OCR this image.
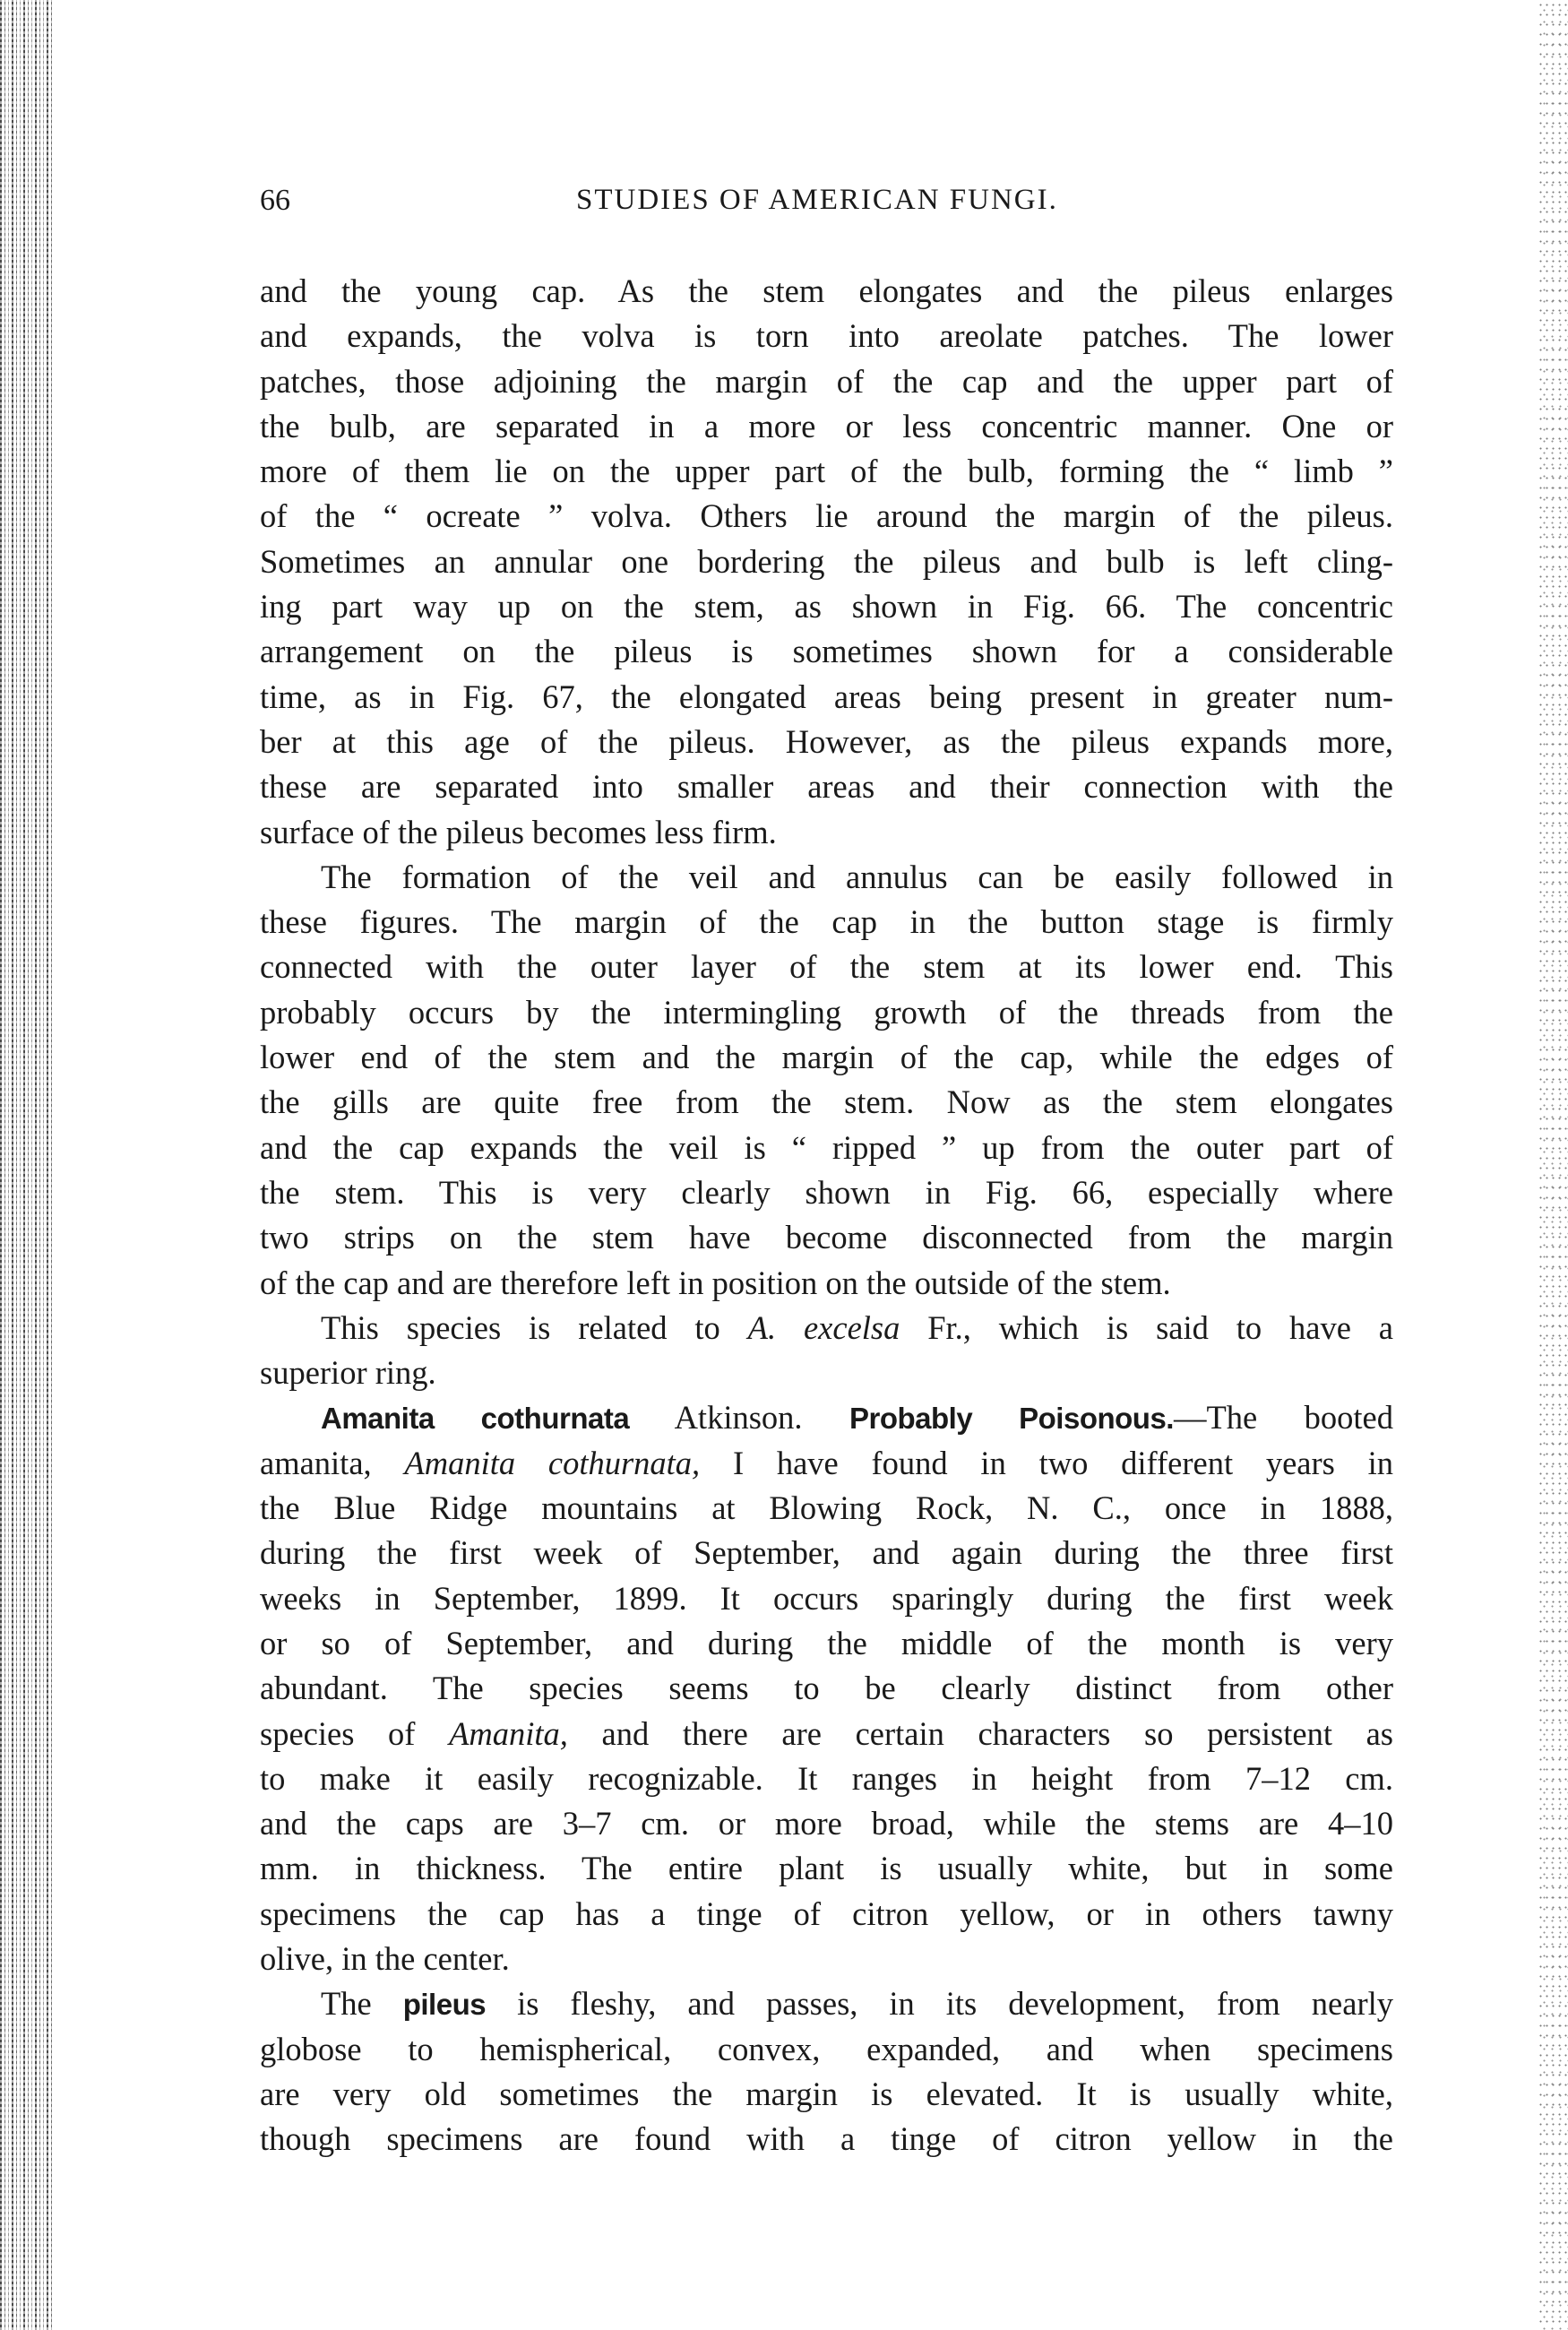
66	STUDIES OF AMERICAN FUNGI.
and the young cap. As the stem elongates and the pileus enlarges
and expands, the volva is torn into areolate patches. The lower
patches, those adjoining the margin of the cap and the upper part of
the bulb, are separated in a more or less concentric manner. One or
more of them lie on the upper part of the bulb, forming the “ limb ”
of the “ ocreate ” volva. Others lie around the margin of the pileus.
Sometimes an annular one bordering the pileus and bulb is left cling-
ing part way up on the stem, as shown in Fig. 66. The concentric
arrangement on the pileus is sometimes shown for a considerable
time, as in Fig. 67, the elongated areas being present in greater num-
ber at this age of the pileus. However, as the pileus expands more,
these are separated into smaller areas and their connection with the
surface of the pileus becomes less firm.
The formation of the veil and annulus can be easily followed in
these figures. The margin of the cap in the button stage is firmly
connected with the outer layer of the stem at its lower end. This
probably occurs by the intermingling growth of the threads from the
lower end of the stem and the margin of the cap, while the edges of
the gills are quite free from the stem. Now as the stem elongates
and the cap expands the veil is “ ripped ” up from the outer part of
the stem. This is very clearly shown in Fig. 66, especially where
two strips on the stem have become disconnected from the margin
of the cap and are therefore left in position on the outside of the stem.
This species is related to A. excelsa Fr., which is said to have a
superior ring.
Amanita cothurnata Atkinson. Probably Poisonous.—The booted
amanita, Amanita cothurnata, I have found in two different years in
the Blue Ridge mountains at Blowing Rock, N. C., once in 1888,
during the first week of September, and again during the three first
weeks in September, 1899. It occurs sparingly during the first week
or so of September, and during the middle of the month is very
abundant. The species seems to be clearly distinct from other
species of Amanita, and there are certain characters so persistent as
to make it easily recognizable. It ranges in height from 7–12 cm.
and the caps are 3–7 cm. or more broad, while the stems are 4–10
mm. in thickness. The entire plant is usually white, but in some
specimens the cap has a tinge of citron yellow, or in others tawny
olive, in the center.
The pileus is fleshy, and passes, in its development, from nearly
globose to hemispherical, convex, expanded, and when specimens
are very old sometimes the margin is elevated. It is usually white,
though specimens are found with a tinge of citron yellow in the
